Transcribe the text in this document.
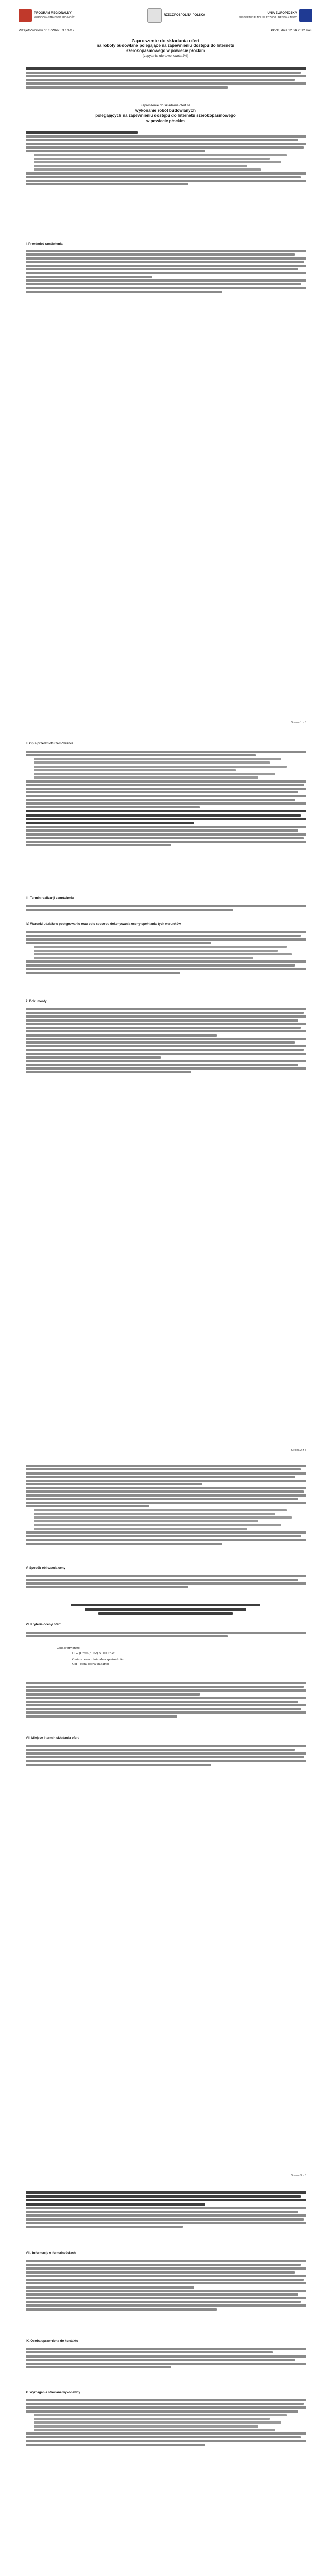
PROGRAM REGIONALNY
NARODOWA STRATEGIA SPÓJNOŚCI
RZECZPOSPOLITA POLSKA
UNIA EUROPEJSKA
EUROPEJSKI FUNDUSZ ROZWOJU REGIONALNEGO
Przejęto/wnioski nr: SIWRPL.3.1/4/12	Płock, dnia 12.04.2012 roku
Zaproszenie do składania ofert
na roboty budowlane polegające na zapewnieniu dostępu do Internetu
szerokopasmowego w powiecie płockim
(zapytanie ofertowe kwota 2%)
Zaproszenie do składania ofert na
wykonanie robót budowlanych
polegających na zapewnieniu dostępu do Internetu szerokopasmowego
w powiecie płockim
I. Przedmiot zamówienia
Strona 1 z 5
II. Opis przedmiotu zamówienia
III. Termin realizacji zamówienia
IV. Warunki udziału w postępowaniu oraz opis sposobu dokonywania oceny spełniania tych warunków
2. Dokumenty
Strona 2 z 5
V. Sposób obliczenia ceny
VI. Kryteria oceny ofert
Cena oferty brutto
C = (Cmin / Cof) × 100 pkt
Cmin – cena minimalna spośród ofert
Cof – cena oferty badanej
VII. Miejsce i termin składania ofert
Strona 3 z 5
VIII. Informacje o formalnościach
IX. Osoba uprawniona do kontaktu
X. Wymagania stawiane wykonawcy
